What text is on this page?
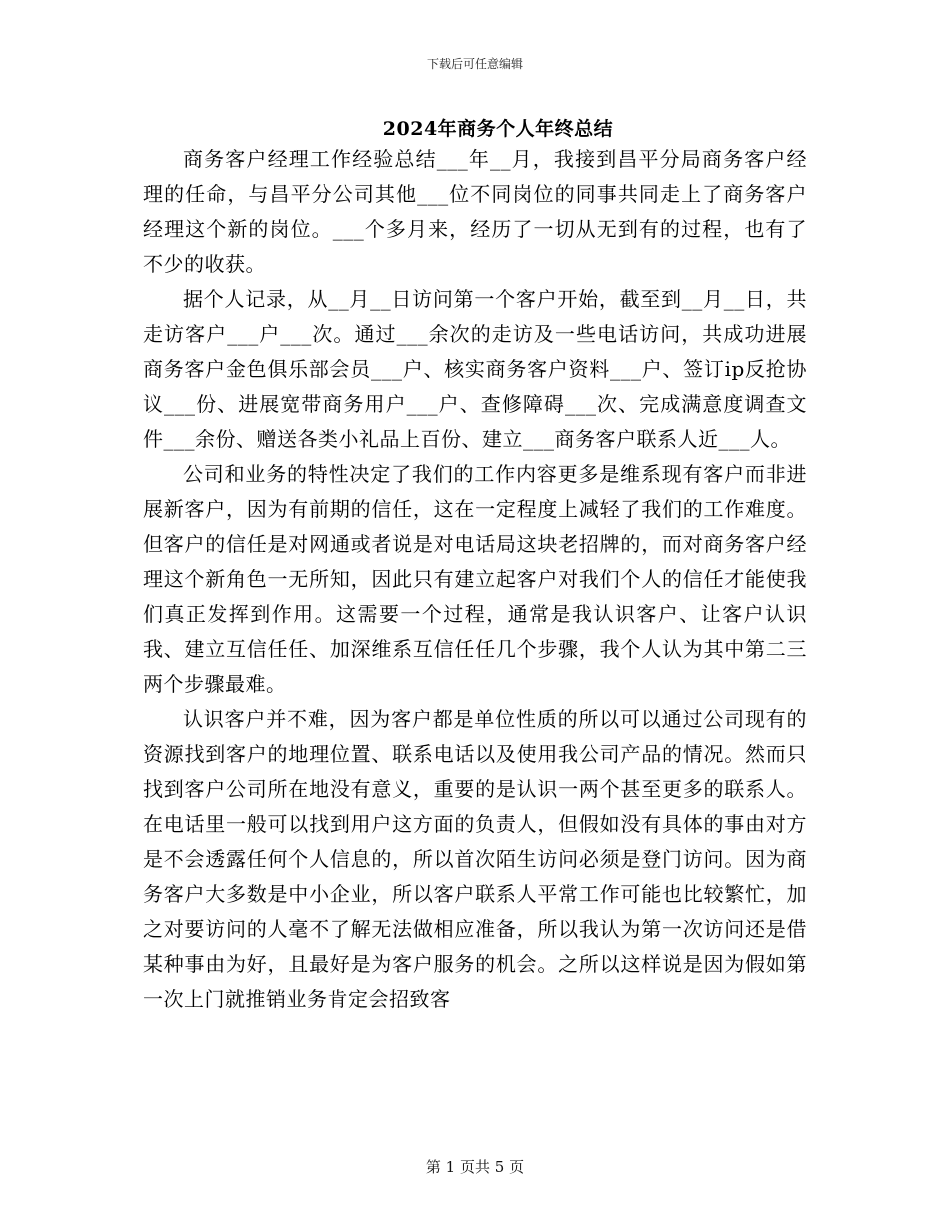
下载后可任意编辑
2024年商务个人年终总结

商务客户经理工作经验总结___年__月，我接到昌平分局商务客户经理的任命，与昌平分公司其他___位不同岗位的同事共同走上了商务客户经理这个新的岗位。___个多月来，经历了一切从无到有的过程，也有了不少的收获。

据个人记录，从__月__日访问第一个客户开始，截至到__月__日，共走访客户___户___次。通过___余次的走访及一些电话访问，共成功进展商务客户金色俱乐部会员___户、核实商务客户资料___户、签订ip反抢协议___份、进展宽带商务用户___户、查修障碍___次、完成满意度调查文件___余份、赠送各类小礼品上百份、建立___商务客户联系人近___人。

公司和业务的特性决定了我们的工作内容更多是维系现有客户而非进展新客户，因为有前期的信任，这在一定程度上减轻了我们的工作难度。但客户的信任是对网通或者说是对电话局这块老招牌的，而对商务客户经理这个新角色一无所知，因此只有建立起客户对我们个人的信任才能使我们真正发挥到作用。这需要一个过程，通常是我认识客户、让客户认识我、建立互信任任、加深维系互信任任几个步骤，我个人认为其中第二三两个步骤最难。

认识客户并不难，因为客户都是单位性质的所以可以通过公司现有的资源找到客户的地理位置、联系电话以及使用我公司产品的情况。然而只找到客户公司所在地没有意义，重要的是认识一两个甚至更多的联系人。在电话里一般可以找到用户这方面的负责人，但假如没有具体的事由对方是不会透露任何个人信息的，所以首次陌生访问必须是登门访问。因为商务客户大多数是中小企业，所以客户联系人平常工作可能也比较繁忙，加之对要访问的人毫不了解无法做相应准备，所以我认为第一次访问还是借某种事由为好，且最好是为客户服务的机会。之所以这样说是因为假如第一次上门就推销业务肯定会招致客

第 1 页共 5 页
